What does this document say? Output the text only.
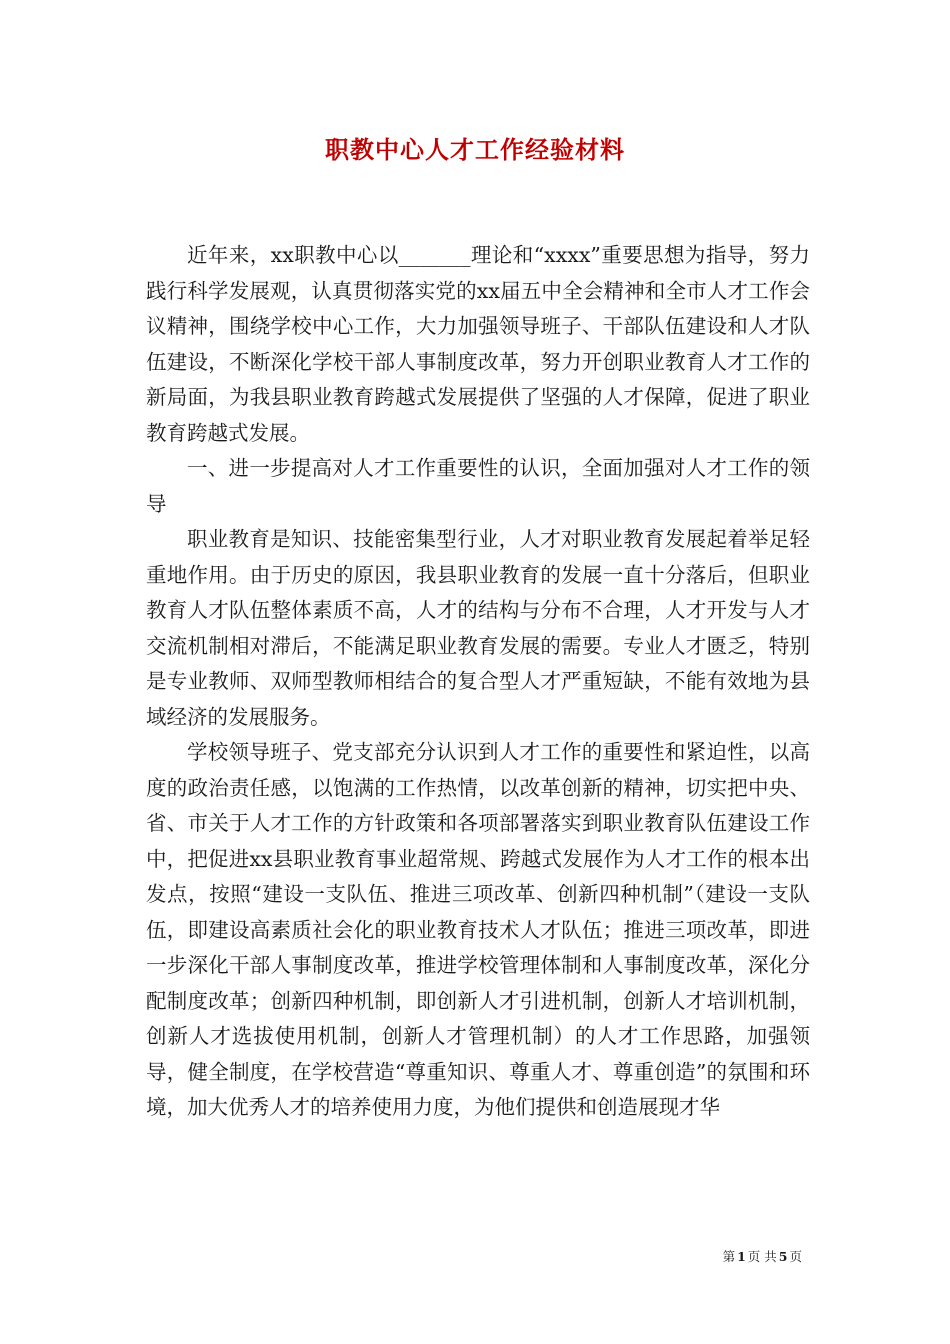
职教中心人才工作经验材料

近年来，xx职教中心以_______理论和“xxxx”重要思想为指导，努力践行科学发展观，认真贯彻落实党的xx届五中全会精神和全市人才工作会议精神，围绕学校中心工作，大力加强领导班子、干部队伍建设和人才队伍建设，不断深化学校干部人事制度改革，努力开创职业教育人才工作的新局面，为我县职业教育跨越式发展提供了坚强的人才保障，促进了职业教育跨越式发展。

一、进一步提高对人才工作重要性的认识，全面加强对人才工作的领导

职业教育是知识、技能密集型行业，人才对职业教育发展起着举足轻重地作用。由于历史的原因，我县职业教育的发展一直十分落后，但职业教育人才队伍整体素质不高，人才的结构与分布不合理，人才开发与人才交流机制相对滞后，不能满足职业教育发展的需要。专业人才匮乏，特别是专业教师、双师型教师相结合的复合型人才严重短缺，不能有效地为县域经济的发展服务。

学校领导班子、党支部充分认识到人才工作的重要性和紧迫性，以高度的政治责任感，以饱满的工作热情，以改革创新的精神，切实把中央、省、市关于人才工作的方针政策和各项部署落实到职业教育队伍建设工作中，把促进xx县职业教育事业超常规、跨越式发展作为人才工作的根本出发点，按照“建设一支队伍、推进三项改革、创新四种机制”（建设一支队伍，即建设高素质社会化的职业教育技术人才队伍；推进三项改革，即进一步深化干部人事制度改革，推进学校管理体制和人事制度改革，深化分配制度改革；创新四种机制，即创新人才引进机制，创新人才培训机制，创新人才选拔使用机制，创新人才管理机制）的人才工作思路，加强领导，健全制度，在学校营造“尊重知识、尊重人才、尊重创造”的氛围和环境，加大优秀人才的培养使用力度，为他们提供和创造展现才华

第 1 页 共 5 页
